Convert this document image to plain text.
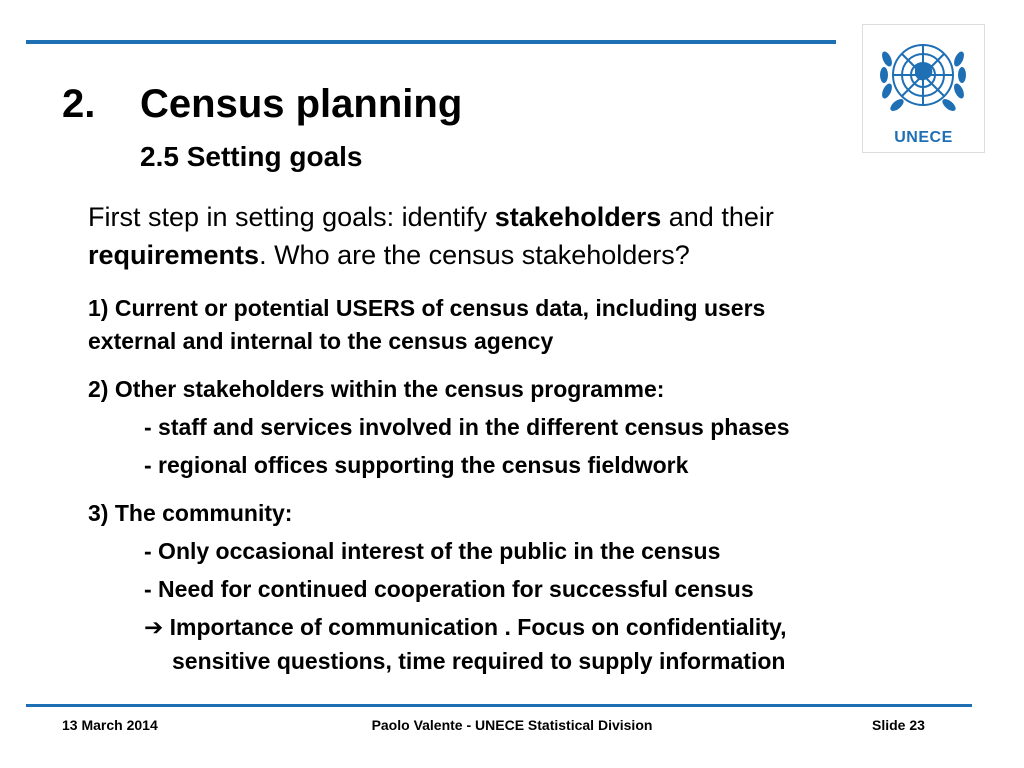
UNECE
2. Census planning
2.5 Setting goals
First step in setting goals: identify stakeholders and their
requirements. Who are the census stakeholders?
1) Current or potential USERS of census data, including users
external and internal to the census agency
2) Other stakeholders within the census programme:
- staff and services involved in the different census phases
- regional offices supporting the census fieldwork
3) The community:
- Only occasional interest of the public in the census
- Need for continued cooperation for successful census
➔ Importance of communication . Focus on confidentiality,
sensitive questions, time required to supply information
13 March 2014	Paolo Valente - UNECE Statistical Division	Slide 23
